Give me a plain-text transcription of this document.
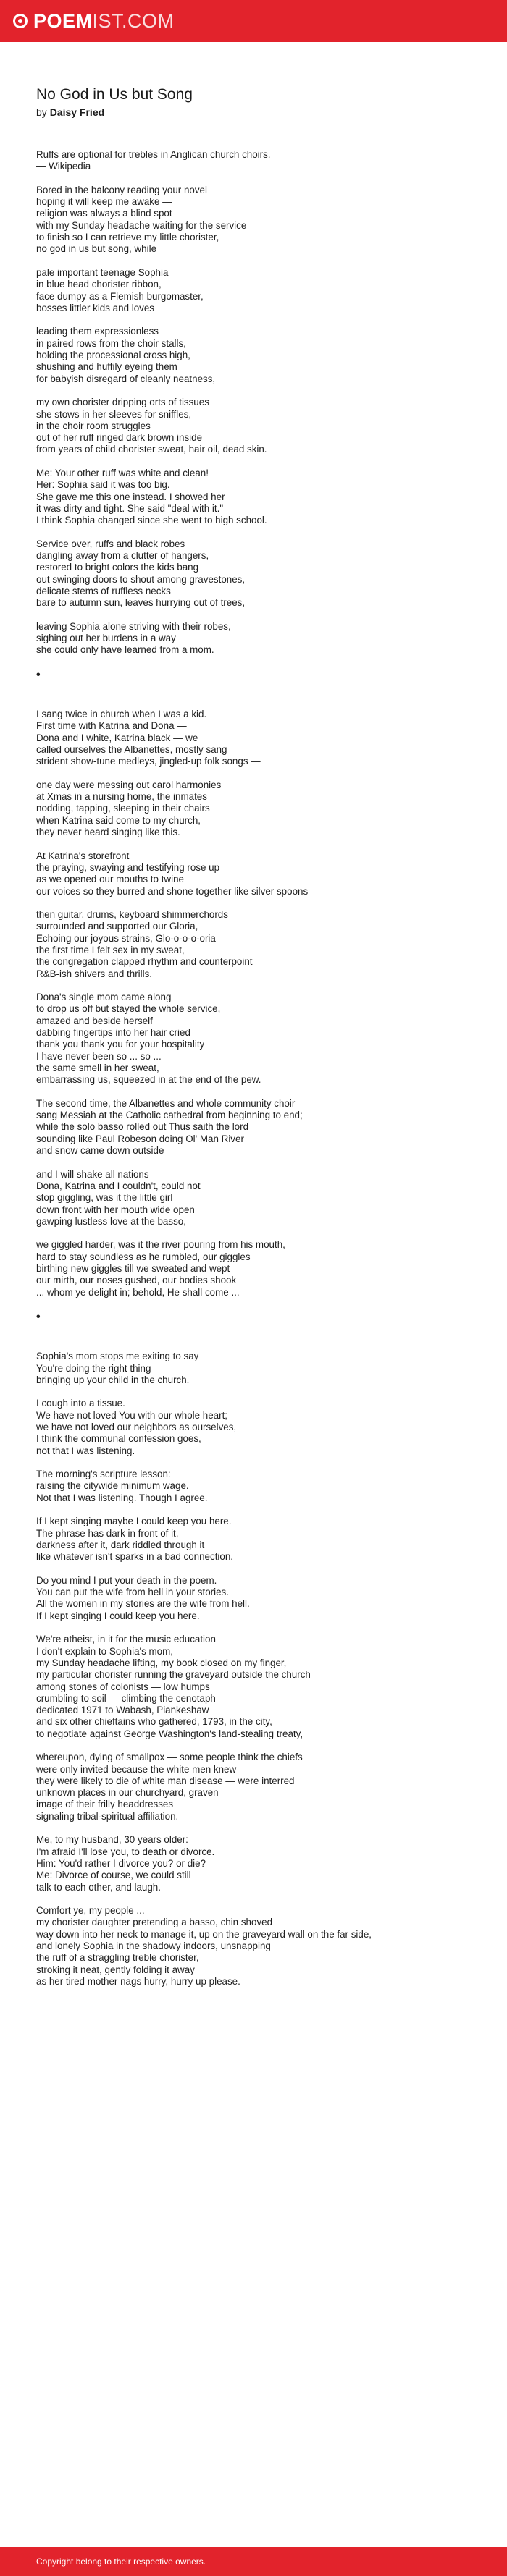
POEMIST.COM
No God in Us but Song

by Daisy Fried

Ruffs are optional for trebles in Anglican church choirs.
— Wikipedia
Bored in the balcony reading your novel
hoping it will keep me awake —
religion was always a blind spot —
with my Sunday headache waiting for the service
to finish so I can retrieve my little chorister,
no god in us but song, while
pale important teenage Sophia
in blue head chorister ribbon,
face dumpy as a Flemish burgomaster,
bosses littler kids and loves
leading them expressionless
in paired rows from the choir stalls,
holding the processional cross high,
shushing and huffily eyeing them
for babyish disregard of cleanly neatness,
my own chorister dripping orts of tissues
she stows in her sleeves for sniffles,
in the choir room struggles
out of her ruff ringed dark brown inside
from years of child chorister sweat, hair oil, dead skin.
Me: Your other ruff was white and clean!
Her: Sophia said it was too big.
She gave me this one instead. I showed her
it was dirty and tight. She said "deal with it."
I think Sophia changed since she went to high school.
Service over, ruffs and black robes
dangling away from a clutter of hangers,
restored to bright colors the kids bang
out swinging doors to shout among gravestones,
delicate stems of ruffless necks
bare to autumn sun, leaves hurrying out of trees,
leaving Sophia alone striving with their robes,
sighing out her burdens in a way
she could only have learned from a mom.
•
I sang twice in church when I was a kid.
First time with Katrina and Dona —
Dona and I white, Katrina black — we
called ourselves the Albanettes, mostly sang
strident show-tune medleys, jingled-up folk songs —
one day were messing out carol harmonies
at Xmas in a nursing home, the inmates
nodding, tapping, sleeping in their chairs
when Katrina said come to my church,
they never heard singing like this.
At Katrina's storefront
the praying, swaying and testifying rose up
as we opened our mouths to twine
our voices so they burred and shone together like silver spoons
then guitar, drums, keyboard shimmerchords
surrounded and supported our Gloria,
Echoing our joyous strains, Glo-o-o-o-oria
the first time I felt sex in my sweat,
the congregation clapped rhythm and counterpoint
R&B-ish shivers and thrills.
Dona's single mom came along
to drop us off but stayed the whole service,
amazed and beside herself
dabbing fingertips into her hair cried
thank you thank you for your hospitality
I have never been so ... so ...
the same smell in her sweat,
embarrassing us, squeezed in at the end of the pew.
The second time, the Albanettes and whole community choir
sang Messiah at the Catholic cathedral from beginning to end;
while the solo basso rolled out Thus saith the lord
sounding like Paul Robeson doing Ol' Man River
and snow came down outside
and I will shake all nations
Dona, Katrina and I couldn't, could not
stop giggling, was it the little girl
down front with her mouth wide open
gawping lustless love at the basso,
we giggled harder, was it the river pouring from his mouth,
hard to stay soundless as he rumbled, our giggles
birthing new giggles till we sweated and wept
our mirth, our noses gushed, our bodies shook
... whom ye delight in; behold, He shall come ...
•
Sophia's mom stops me exiting to say
You're doing the right thing
bringing up your child in the church.
I cough into a tissue.
We have not loved You with our whole heart;
we have not loved our neighbors as ourselves,
I think the communal confession goes,
not that I was listening.
The morning's scripture lesson:
raising the citywide minimum wage.
Not that I was listening. Though I agree.
If I kept singing maybe I could keep you here.
The phrase has dark in front of it,
darkness after it, dark riddled through it
like whatever isn't sparks in a bad connection.
Do you mind I put your death in the poem.
You can put the wife from hell in your stories.
All the women in my stories are the wife from hell.
If I kept singing I could keep you here.
We're atheist, in it for the music education
I don't explain to Sophia's mom,
my Sunday headache lifting, my book closed on my finger,
my particular chorister running the graveyard outside the church
among stones of colonists — low humps
crumbling to soil — climbing the cenotaph
dedicated 1971 to Wabash, Piankeshaw
and six other chieftains who gathered, 1793, in the city,
to negotiate against George Washington's land-stealing treaty,
whereupon, dying of smallpox — some people think the chiefs
were only invited because the white men knew
they were likely to die of white man disease — were interred
unknown places in our churchyard, graven
image of their frilly headdresses
signaling tribal-spiritual affiliation.
Me, to my husband, 30 years older:
I'm afraid I'll lose you, to death or divorce.
Him: You'd rather I divorce you? or die?
Me: Divorce of course, we could still
talk to each other, and laugh.
Comfort ye, my people ...
my chorister daughter pretending a basso, chin shoved
way down into her neck to manage it, up on the graveyard wall on the far side,
and lonely Sophia in the shadowy indoors, unsnapping
the ruff of a straggling treble chorister,
stroking it neat, gently folding it away
as her tired mother nags hurry, hurry up please.
Copyright belong to their respective owners.
